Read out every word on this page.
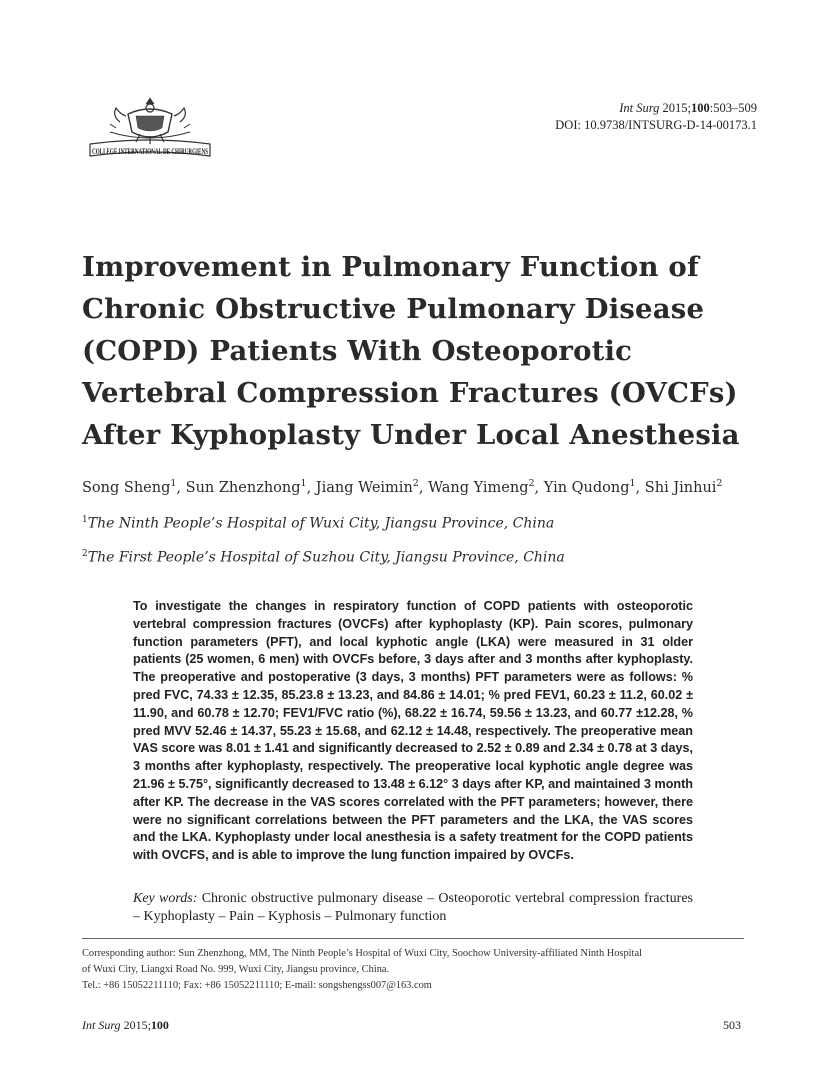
COLLEGE INTERNATIONAL DE CHIRURGIENS
Int Surg 2015;100:503–509
DOI: 10.9738/INTSURG-D-14-00173.1
Improvement in Pulmonary Function of Chronic Obstructive Pulmonary Disease (COPD) Patients With Osteoporotic Vertebral Compression Fractures (OVCFs) After Kyphoplasty Under Local Anesthesia

Song Sheng$^1$, Sun Zhenzhong$^1$, Jiang Weimin$^2$, Wang Yimeng$^2$, Yin Qudong$^1$, Shi Jinhui$^2$

$^1$The Ninth People’s Hospital of Wuxi City, Jiangsu Province, China

$^2$The First People’s Hospital of Suzhou City, Jiangsu Province, China

To investigate the changes in respiratory function of COPD patients with osteoporotic vertebral compression fractures (OVCFs) after kyphoplasty (KP). Pain scores, pulmonary function parameters (PFT), and local kyphotic angle (LKA) were measured in 31 older patients (25 women, 6 men) with OVCFs before, 3 days after and 3 months after kyphoplasty. The preoperative and postoperative (3 days, 3 months) PFT parameters were as follows: % pred FVC, 74.33 ± 12.35, 85.23.8 ± 13.23, and 84.86 ± 14.01; % pred FEV1, 60.23 ± 11.2, 60.02 ± 11.90, and 60.78 ± 12.70; FEV1/FVC ratio (%), 68.22 ± 16.74, 59.56 ± 13.23, and 60.77 ±12.28, % pred MVV 52.46 ± 14.37, 55.23 ± 15.68, and 62.12 ± 14.48, respectively. The preoperative mean VAS score was 8.01 ± 1.41 and significantly decreased to 2.52 ± 0.89 and 2.34 ± 0.78 at 3 days, 3 months after kyphoplasty, respectively. The preoperative local kyphotic angle degree was 21.96 ± 5.75°, significantly decreased to 13.48 ± 6.12° 3 days after KP, and maintained 3 month after KP. The decrease in the VAS scores correlated with the PFT parameters; however, there were no significant correlations between the PFT parameters and the LKA, the VAS scores and the LKA. Kyphoplasty under local anesthesia is a safety treatment for the COPD patients with OVCFS, and is able to improve the lung function impaired by OVCFs.

Key words: Chronic obstructive pulmonary disease – Osteoporotic vertebral compression fractures – Kyphoplasty – Pain – Kyphosis – Pulmonary function

Corresponding author: Sun Zhenzhong, MM, The Ninth People’s Hospital of Wuxi City, Soochow University-affiliated Ninth Hospital
of Wuxi City, Liangxi Road No. 999, Wuxi City, Jiangsu province, China.
Tel.: +86 15052211110; Fax: +86 15052211110; E-mail: songshengss007@163.com
Int Surg 2015;100	503
